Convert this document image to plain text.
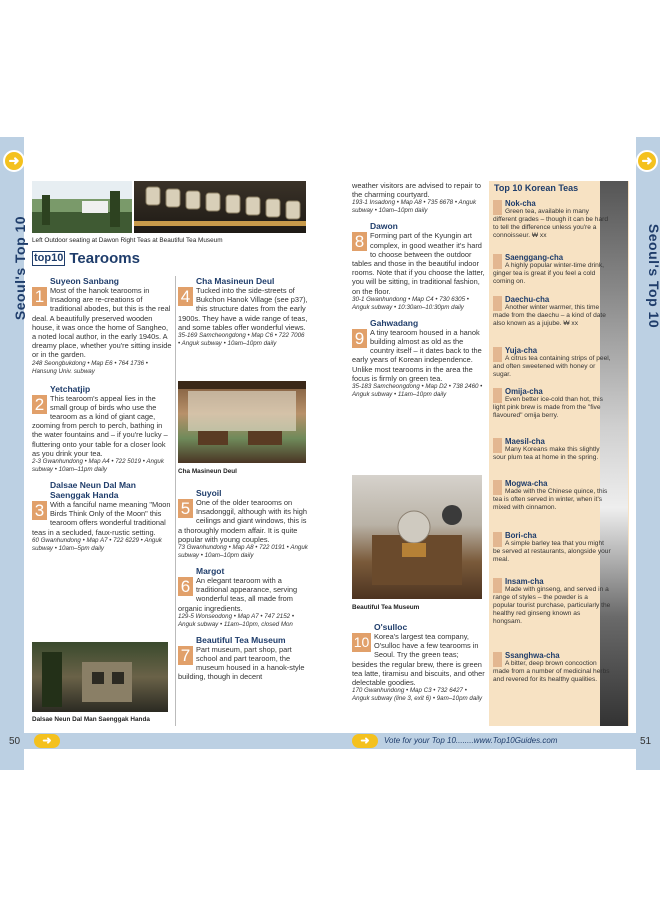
➜
Seoul's Top 10 Left Outdoor seating at Dawon Right Teas at Beautiful Tea Museum
top10 Tearooms
Suyeon Sanbang
1 Most of the hanok tearooms in Insadong are re-creations of traditional abodes, but this is the real deal. A beautifully preserved wooden house, it was once the home of Sangheo, a noted local author, in the early 1940s. A dreamy place, whether you're sitting inside or in the garden.
248 Seongbukdong • Map E6 • 764 1736 • Hansung Univ. subway
Yetchatjip
2 This tearoom's appeal lies in the small group of birds who use the tearoom as a kind of giant cage, zooming from perch to perch, bathing in the water fountains and – if you're lucky – fluttering onto your table for a closer look as you drink your tea.
2-3 Gwanhundong • Map A4 • 722 5019 • Anguk subway • 10am–11pm daily
Dalsae Neun Dal Man Saenggak Handa
3 With a fanciful name meaning "Moon Birds Think Only of the Moon" this tearoom offers wonderful traditional teas in a secluded, faux-rustic setting.
60 Gwanhundong • Map A7 • 722 6229 • Anguk subway • 10am–5pm daily
Dalsae Neun Dal Man Saenggak Handa
Cha Masineun Deul
4 Tucked into the side-streets of Bukchon Hanok Village (see p37), this structure dates from the early 1900s. They have a wide range of teas, and some tables offer wonderful views.
35-169 Samcheongdong • Map C6 • 722 7006 • Anguk subway • 10am–10pm daily
Cha Masineun Deul
Suyoil
5 One of the older tearooms on Insadonggil, although with its high ceilings and giant windows, this is a thoroughly modern affair. It is quite popular with young couples.
73 Gwanhundong • Map A8 • 722 0191 • Anguk subway • 10am–10pm daily
Margot
6 An elegant tearoom with a traditional appearance, serving wonderful teas, all made from organic ingredients.
129-5 Wonseodong • Map A7 • 747 2152 • Anguk subway • 11am–10pm, closed Mon
Beautiful Tea Museum
7 Part museum, part shop, part school and part tearoom, the museum housed in a hanok-style building, though in decent
➜
50
➜
Seoul's Top 10
weather visitors are advised to repair to the charming courtyard.
193-1 Insadong • Map A8 • 735 6678 • Anguk subway • 10am–10pm daily
Dawon
8 Forming part of the Kyungin art complex, in good weather it's hard to choose between the outdoor tables and those in the beautiful indoor rooms. Note that if you choose the latter, you will be sitting, in traditional fashion, on the floor.
30-1 Gwanhundong • Map C4 • 730 6305 • Anguk subway • 10:30am–10:30pm daily
Gahwadang
9 A tiny tearoom housed in a hanok building almost as old as the country itself – it dates back to the early years of Korean independence. Unlike most tearooms in the area the focus is firmly on green tea.
35-183 Samcheongdong • Map D2 • 738 2460 • Anguk subway • 11am–10pm daily
Beautiful Tea Museum
O'sulloc
10 Korea's largest tea company, O'sulloc have a few tearooms in Seoul. Try the green teas; besides the regular brew, there is green tea latte, tiramisu and biscuits, and other delectable goodies.
170 Gwanhundong • Map C3 • 732 6427 • Anguk subway (line 3, exit 6) • 9am–10pm daily
Top 10 Korean Teas
Nok-cha
Green tea, available in many different grades – though it can be hard to tell the difference unless you're a connoisseur. ₩ xx
Saenggang-cha
A highly popular winter-time drink, ginger tea is great if you feel a cold coming on.
Daechu-cha
Another winter warmer, this time made from the daechu – a kind of date also known as a jujube. ₩ xx
Yuja-cha
A citrus tea containing strips of peel, and often sweetened with honey or sugar.
Omija-cha
Even better ice-cold than hot, this light pink brew is made from the "five flavoured" omija berry.
Maesil-cha
Many Koreans make this slightly sour plum tea at home in the spring.
Mogwa-cha
Made with the Chinese quince, this tea is often served in winter, when it's mixed with cinnamon.
Bori-cha
A simple barley tea that you might be served at restaurants, alongside your meal.
Insam-cha
Made with ginseng, and served in a range of styles – the powder is a popular tourist purchase, particularly the healthy red ginseng known as hongsam.
Ssanghwa-cha
A bitter, deep brown concoction made from a number of medicinal herbs and revered for its healthy qualities.
➜	Vote for your Top 10........www.Top10Guides.com	51
